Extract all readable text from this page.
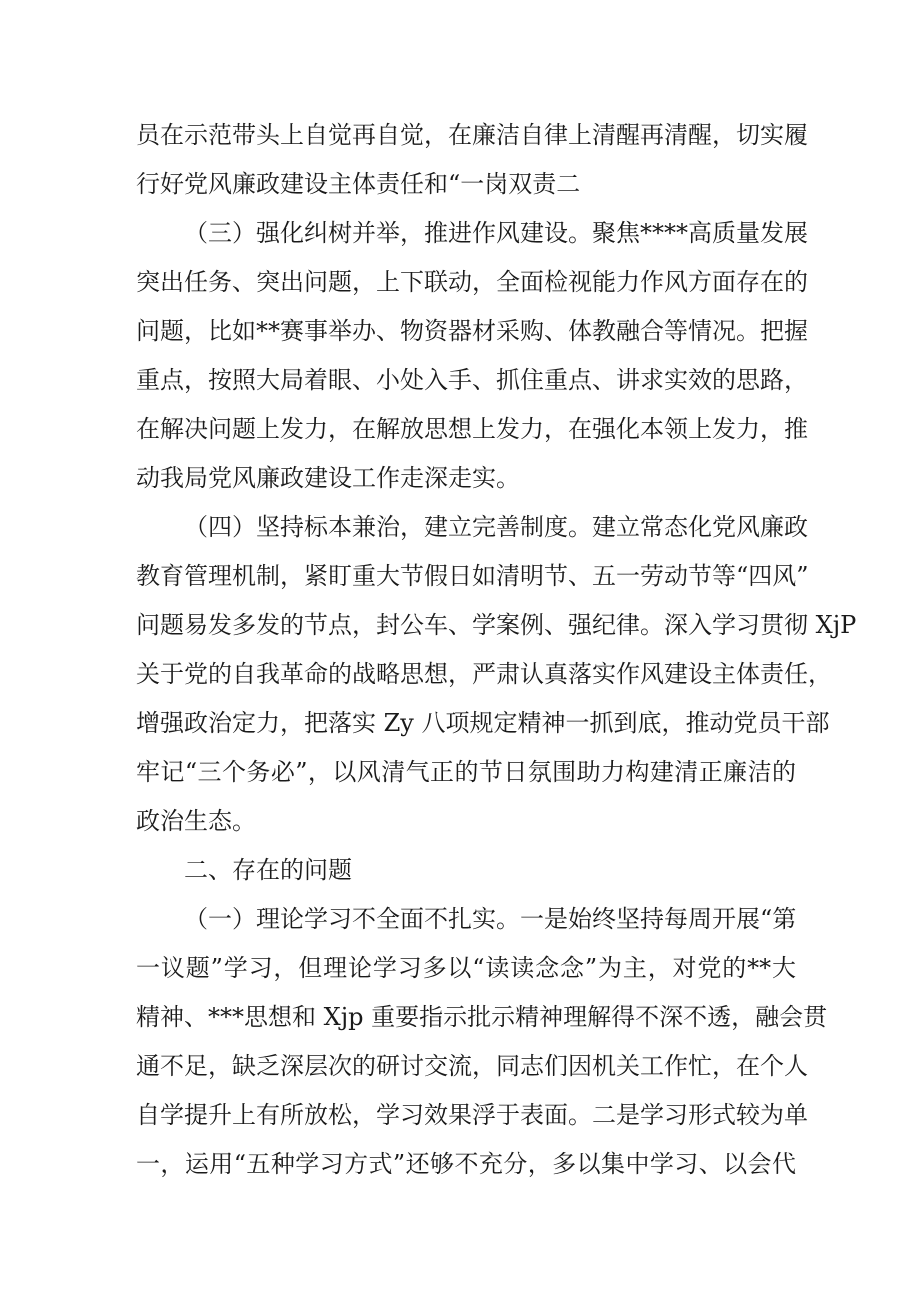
员在示范带头上自觉再自觉，在廉洁自律上清醒再清醒，切实履
行好党风廉政建设主体责任和“一岗双责二
（三）强化纠树并举，推进作风建设。聚焦****高质量发展
突出任务、突出问题，上下联动，全面检视能力作风方面存在的
问题，比如**赛事举办、物资器材采购、体教融合等情况。把握
重点，按照大局着眼、小处入手、抓住重点、讲求实效的思路，
在解决问题上发力，在解放思想上发力，在强化本领上发力，推
动我局党风廉政建设工作走深走实。
（四）坚持标本兼治，建立完善制度。建立常态化党风廉政
教育管理机制，紧盯重大节假日如清明节、五一劳动节等“四风”
问题易发多发的节点，封公车、学案例、强纪律。深入学习贯彻 XjP
关于党的自我革命的战略思想，严肃认真落实作风建设主体责任，
增强政治定力，把落实 Zy 八项规定精神一抓到底，推动党员干部
牢记“三个务必”，以风清气正的节日氛围助力构建清正廉洁的
政治生态。
二、存在的问题
（一）理论学习不全面不扎实。一是始终坚持每周开展“第
一议题”学习，但理论学习多以“读读念念”为主，对党的**大
精神、***思想和 Xjp 重要指示批示精神理解得不深不透，融会贯
通不足，缺乏深层次的研讨交流，同志们因机关工作忙，在个人
自学提升上有所放松，学习效果浮于表面。二是学习形式较为单
一，运用“五种学习方式”还够不充分，多以集中学习、以会代
